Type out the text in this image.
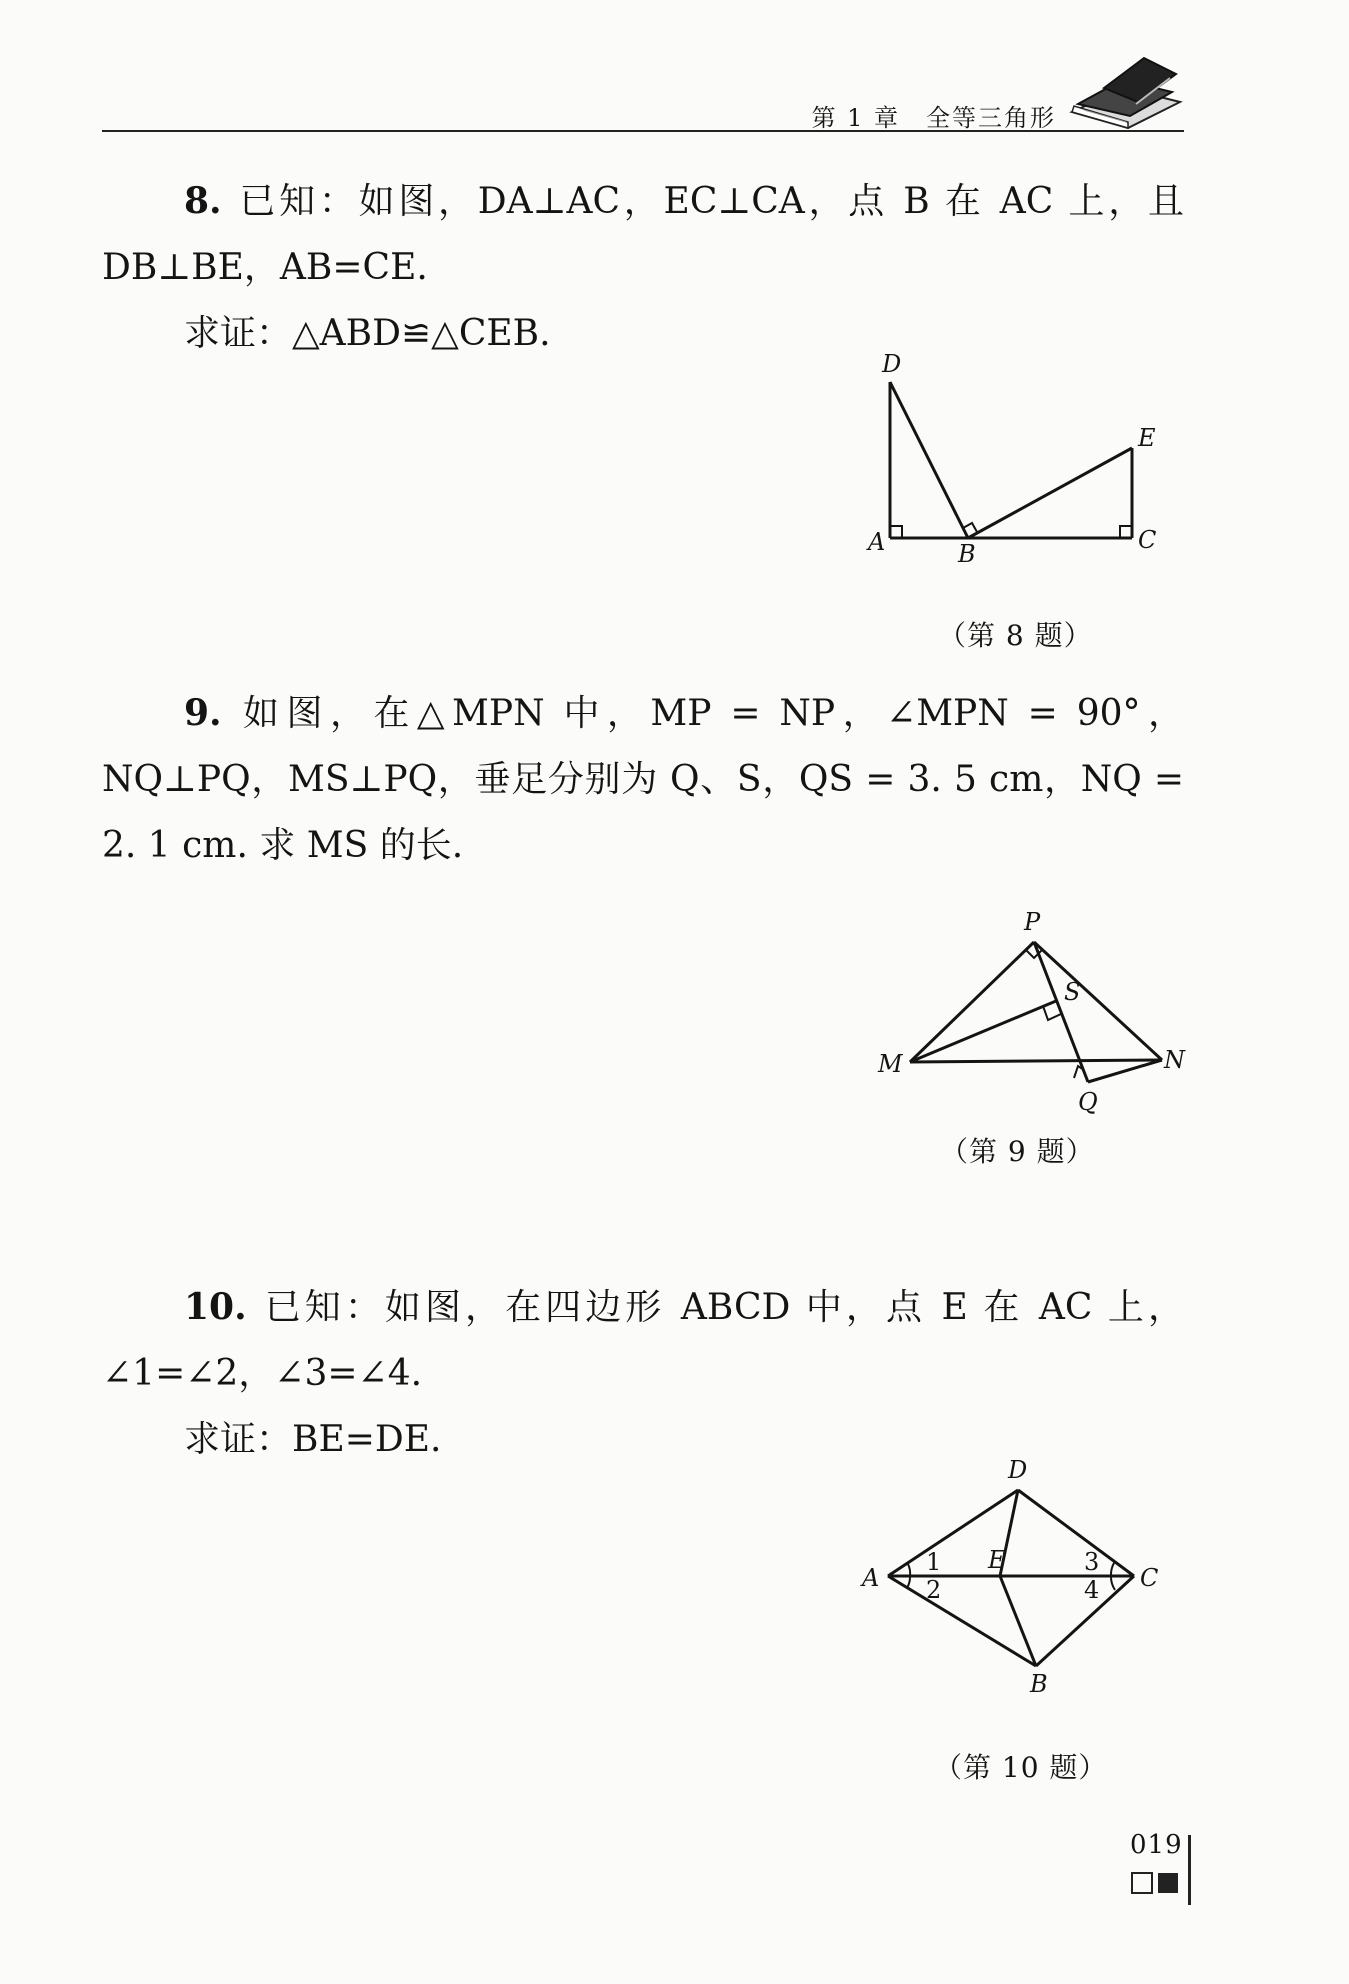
第 1 章　全等三角形

8. 已知：如图，DA⊥AC，EC⊥CA，点 B 在 AC 上，且 DB⊥BE，AB=CE.

求证：△ABD≌△CEB.

D
E
A	B	C
（第 8 题）

9. 如图，在△MPN 中，MP = NP，∠MPN = 90°，NQ⊥PQ，MS⊥PQ，垂足分别为 Q、S，QS = 3. 5 cm，NQ = 2. 1 cm. 求 MS 的长.

P
S
M	N
Q
（第 9 题）

10. 已知：如图，在四边形 ABCD 中，点 E 在 AC 上，∠1=∠2，∠3=∠4.

求证：BE=DE.

D
E
A	C
B
1
2
3
4
（第 10 题）
019
